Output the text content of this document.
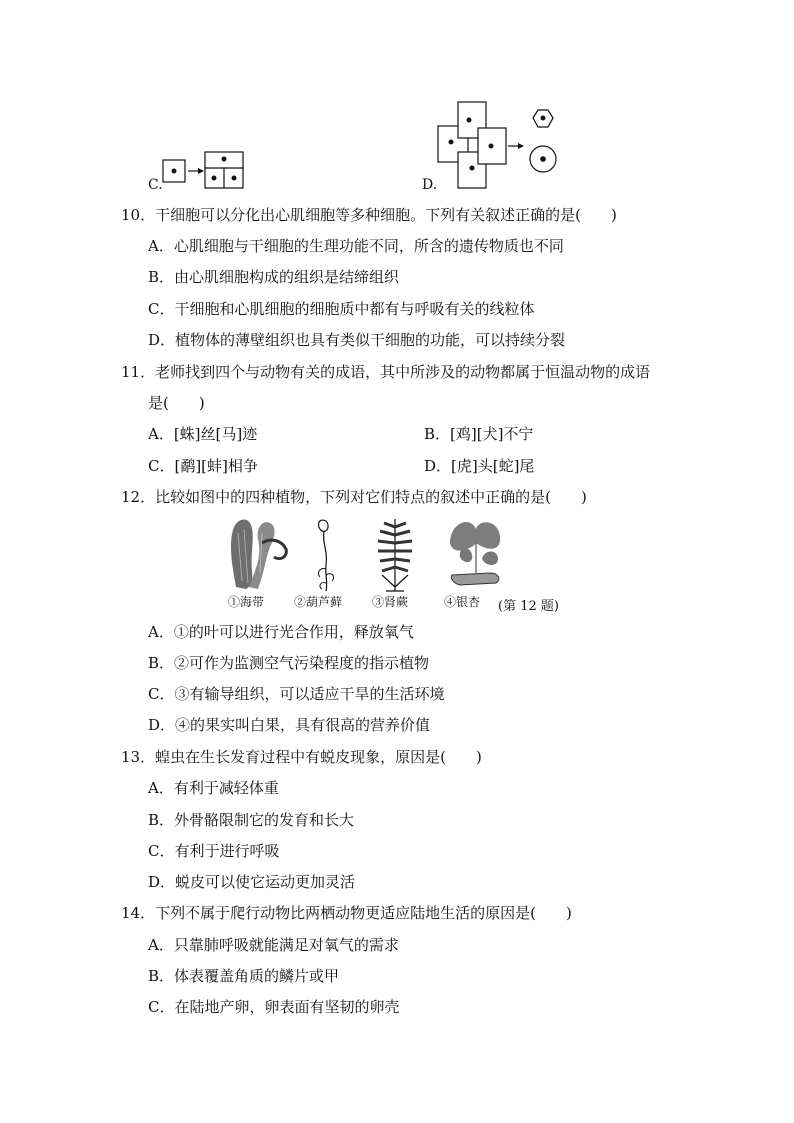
C.	D.
10．干细胞可以分化出心肌细胞等多种细胞。下列有关叙述正确的是(　　)
A．心肌细胞与干细胞的生理功能不同，所含的遗传物质也不同
B．由心肌细胞构成的组织是结缔组织
C．干细胞和心肌细胞的细胞质中都有与呼吸有关的线粒体
D．植物体的薄壁组织也具有类似干细胞的功能，可以持续分裂
11．老师找到四个与动物有关的成语，其中所涉及的动物都属于恒温动物的成语
是(　　)
A．[蛛]丝[马]迹	B．[鸡][犬]不宁
C．[鹬][蚌]相争	D．[虎]头[蛇]尾
12．比较如图中的四种植物，下列对它们特点的叙述中正确的是(　　)
①海带 ②葫芦藓 ③肾蕨	④银杏 (第 12 题)
A．①的叶可以进行光合作用，释放氧气
B．②可作为监测空气污染程度的指示植物
C．③有输导组织，可以适应干旱的生活环境
D．④的果实叫白果，具有很高的营养价值
13．蝗虫在生长发育过程中有蜕皮现象，原因是(　　)
A．有利于减轻体重
B．外骨骼限制它的发育和长大
C．有利于进行呼吸
D．蜕皮可以使它运动更加灵活
14．下列不属于爬行动物比两栖动物更适应陆地生活的原因是(　　)
A．只靠肺呼吸就能满足对氧气的需求
B．体表覆盖角质的鳞片或甲
C．在陆地产卵，卵表面有坚韧的卵壳
